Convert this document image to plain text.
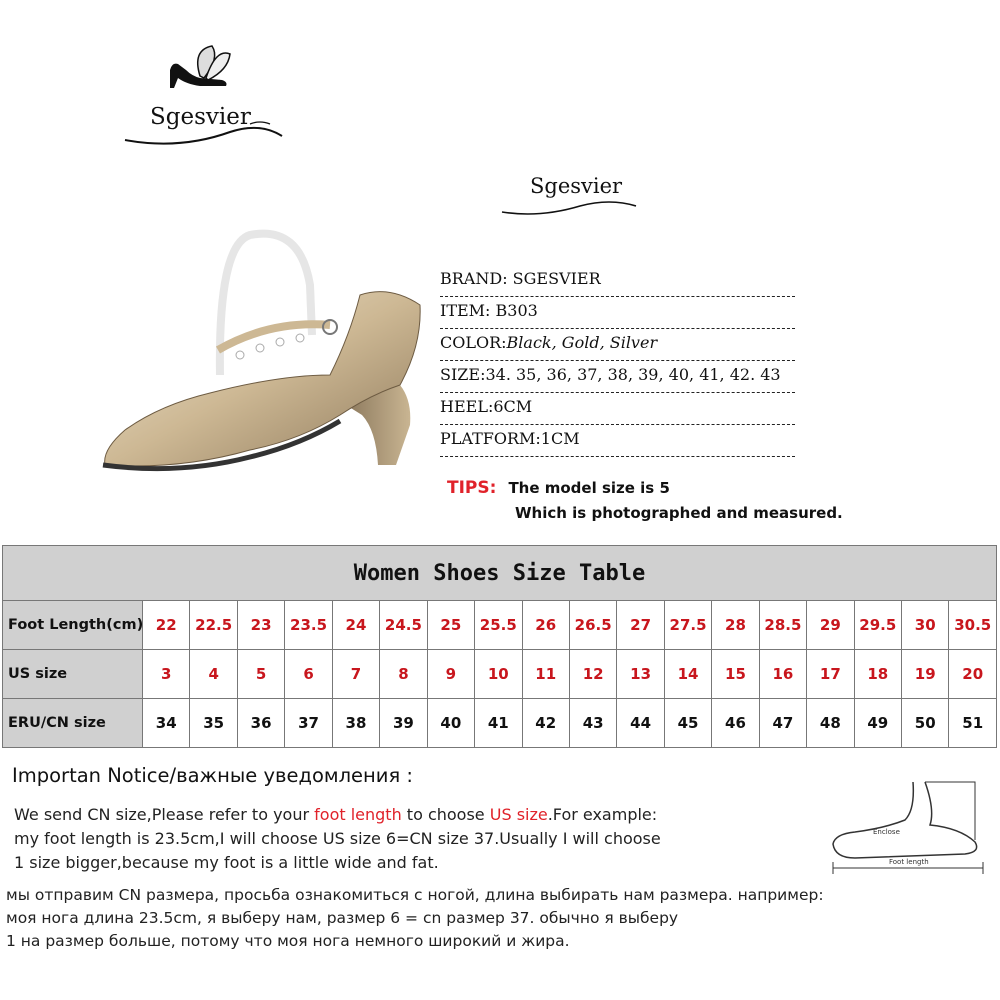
Sgesvier
Sgesvier
BRAND: SGESVIER
ITEM: B303
COLOR:Black, Gold, Silver
SIZE:34. 35, 36, 37, 38, 39, 40, 41, 42. 43
HEEL:6CM
PLATFORM:1CM
TIPS: The model size is 5
Which is photographed and measured.
Women Shoes Size Table																		
Foot Length(cm)	22	22.5	23	23.5	24	24.5	25	25.5	26	26.5	27	27.5	28	28.5	29	29.5	30	30.5
US size	3	4	5	6	7	8	9	10	11	12	13	14	15	16	17	18	19	20
ERU/CN size	34	35	36	37	38	39	40	41	42	43	44	45	46	47	48	49	50	51
Importan Notice/важные уведомления :
We send CN size,Please refer to your foot length to choose US size.For example:
my foot length is 23.5cm,I will choose US size 6=CN size 37.Usually I will choose
1 size bigger,because my foot is a little wide and fat.
мы отправим CN размера, просьба ознакомиться с ногой, длина выбирать нам размера. например:
моя нога длина 23.5cm, я выберу нам, размер 6 = cn размер 37. обычно я выберу
1 на размер больше, потому что моя нога немного широкий и жира.
Enclose
Foot length
